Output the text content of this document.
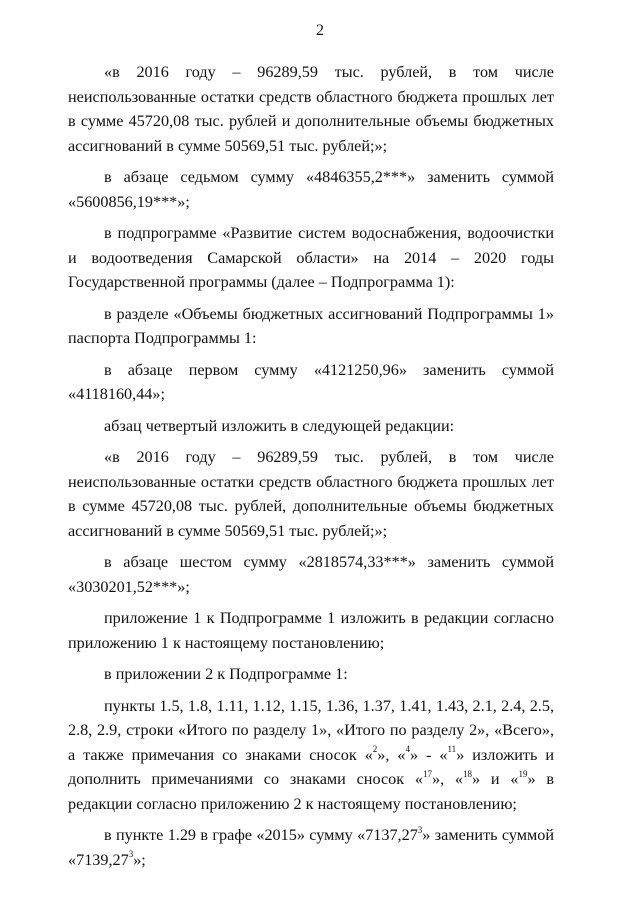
2

«в 2016 году – 96289,59 тыс. рублей, в том числе неиспользованные остатки средств областного бюджета прошлых лет в сумме 45720,08 тыс. рублей и дополнительные объемы бюджетных ассигнований в сумме 50569,51 тыс. рублей;»;

в абзаце седьмом сумму «4846355,2***» заменить суммой «5600856,19***»;

в подпрограмме «Развитие систем водоснабжения, водоочистки и водоотведения Самарской области» на 2014 – 2020 годы Государственной программы (далее – Подпрограмма 1):

в разделе «Объемы бюджетных ассигнований Подпрограммы 1» паспорта Подпрограммы 1:

в абзаце первом сумму «4121250,96» заменить суммой «4118160,44»;

абзац четвертый изложить в следующей редакции:

«в 2016 году – 96289,59 тыс. рублей, в том числе неиспользованные остатки средств областного бюджета прошлых лет в сумме 45720,08 тыс. рублей, дополнительные объемы бюджетных ассигнований в сумме 50569,51 тыс. рублей;»;

в абзаце шестом сумму «2818574,33***» заменить суммой «3030201,52***»;

приложение 1 к Подпрограмме 1 изложить в редакции согласно приложению 1 к настоящему постановлению;

в приложении 2 к Подпрограмме 1:

пункты 1.5, 1.8, 1.11, 1.12, 1.15, 1.36, 1.37, 1.41, 1.43, 2.1, 2.4, 2.5, 2.8, 2.9, строки «Итого по разделу 1», «Итого по разделу 2», «Всего», а также примечания со знаками сносок «$^2$», «$^4$» - «$^{11}$» изложить и дополнить примечаниями со знаками сносок «$^{17}$», «$^{18}$» и «$^{19}$» в редакции согласно приложению 2 к настоящему постановлению;

в пункте 1.29 в графе «2015» сумму «7137,27$^3$» заменить суммой «7139,27$^3$»;
